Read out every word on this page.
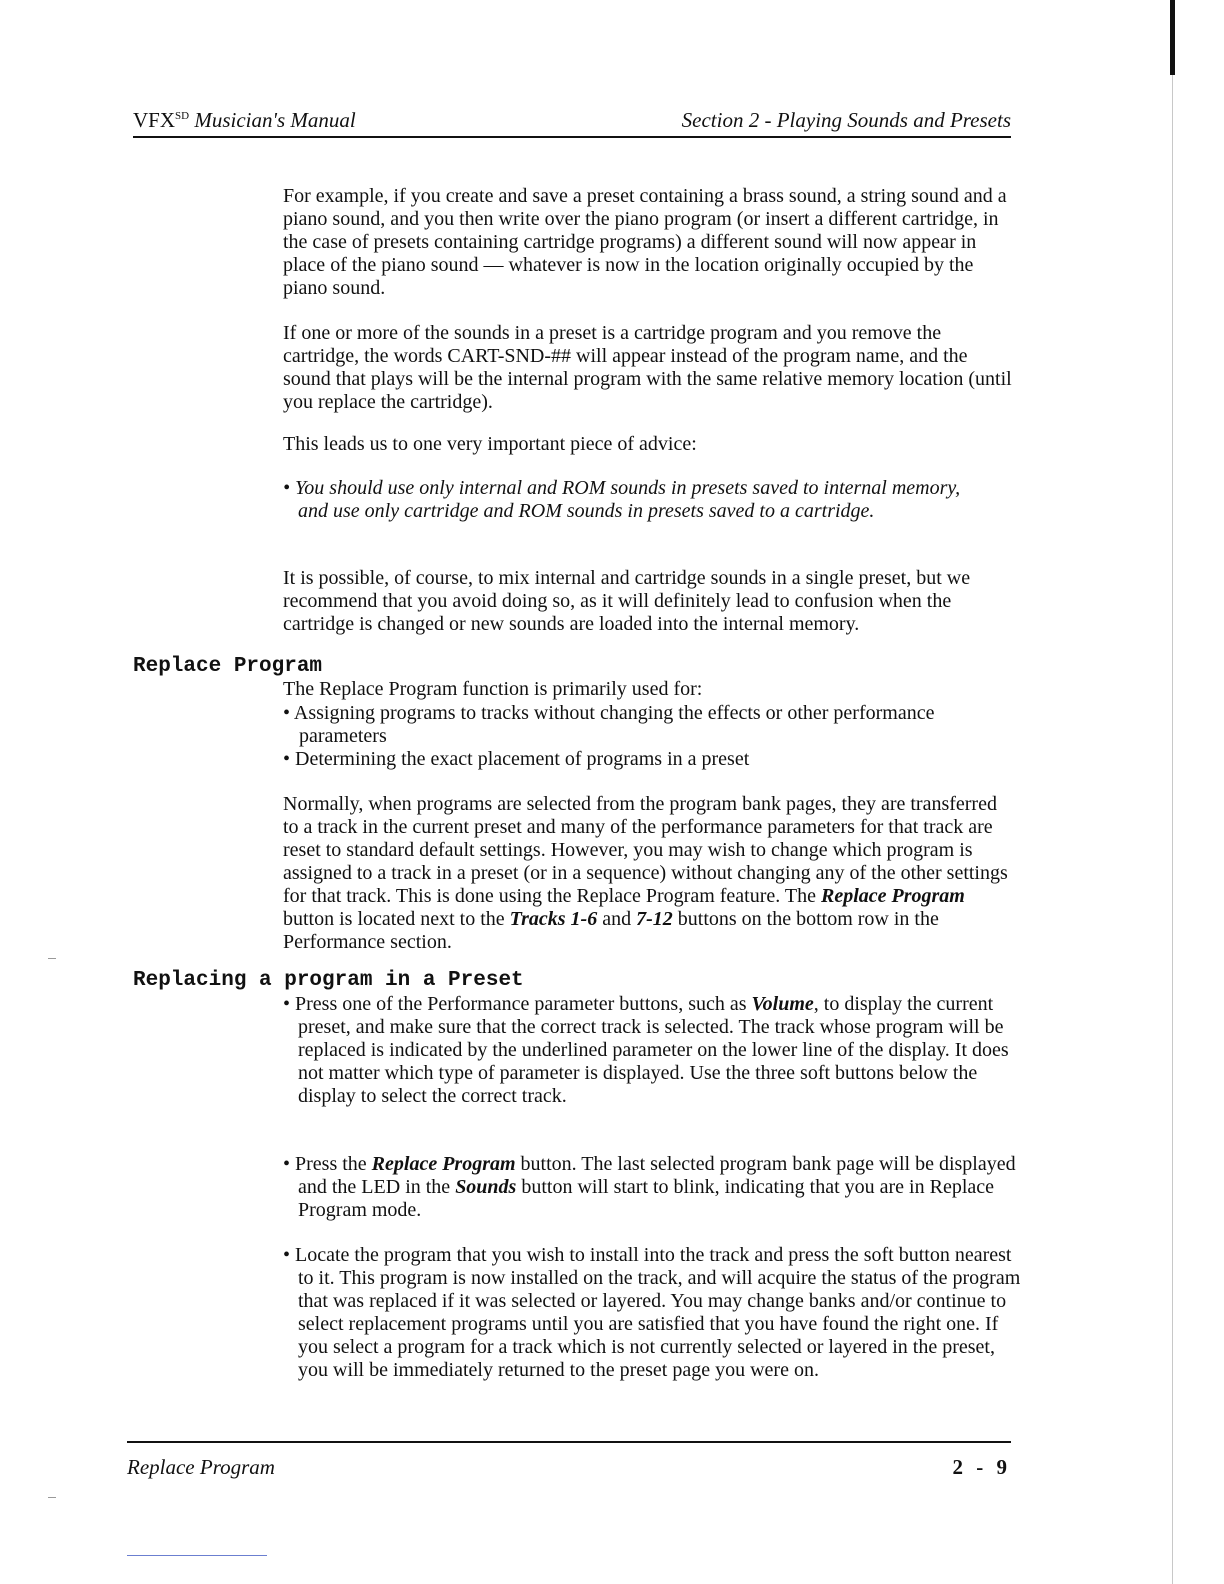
$VFX^{SD}$ Musician's Manual	Section 2 - Playing Sounds and Presets

For example, if you create and save a preset containing a brass sound, a string sound and a piano sound, and you then write over the piano program (or insert a different cartridge, in the case of presets containing cartridge programs) a different sound will now appear in place of the piano sound — whatever is now in the location originally occupied by the piano sound.

If one or more of the sounds in a preset is a cartridge program and you remove the cartridge, the words CART-SND-## will appear instead of the program name, and the sound that plays will be the internal program with the same relative memory location (until you replace the cartridge).

This leads us to one very important piece of advice:

• You should use only internal and ROM sounds in presets saved to internal memory, and use only cartridge and ROM sounds in presets saved to a cartridge.

It is possible, of course, to mix internal and cartridge sounds in a single preset, but we recommend that you avoid doing so, as it will definitely lead to confusion when the cartridge is changed or new sounds are loaded into the internal memory.

Replace Program

The Replace Program function is primarily used for:

• Assigning programs to tracks without changing the effects or other performance parameters
• Determining the exact placement of programs in a preset

Normally, when programs are selected from the program bank pages, they are transferred to a track in the current preset and many of the performance parameters for that track are reset to standard default settings. However, you may wish to change which program is assigned to a track in a preset (or in a sequence) without changing any of the other settings for that track. This is done using the Replace Program feature. The Replace Program button is located next to the Tracks 1-6 and 7-12 buttons on the bottom row in the Performance section.

Replacing a program in a Preset

• Press one of the Performance parameter buttons, such as Volume, to display the current preset, and make sure that the correct track is selected. The track whose program will be replaced is indicated by the underlined parameter on the lower line of the display. It does not matter which type of parameter is displayed. Use the three soft buttons below the display to select the correct track.

• Press the Replace Program button. The last selected program bank page will be displayed and the LED in the Sounds button will start to blink, indicating that you are in Replace Program mode.

• Locate the program that you wish to install into the track and press the soft button nearest to it. This program is now installed on the track, and will acquire the status of the program that was replaced if it was selected or layered. You may change banks and/or continue to select replacement programs until you are satisfied that you have found the right one. If you select a program for a track which is not currently selected or layered in the preset, you will be immediately returned to the preset page you were on.

Replace Program	2 - 9
